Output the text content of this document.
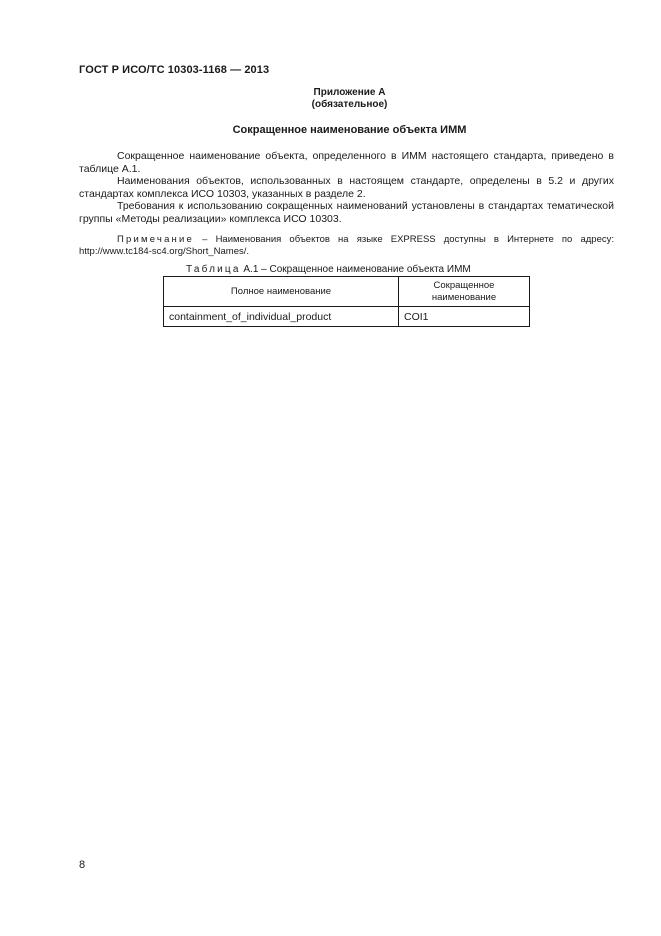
ГОСТ Р ИСО/ТС 10303-1168 — 2013
Приложение А
(обязательное)
Сокращенное наименование объекта ИММ

Сокращенное наименование объекта, определенного в ИММ настоящего стандарта, приведено в таблице А.1.

Наименования объектов, использованных в настоящем стандарте, определены в 5.2 и других стандартах комплекса ИСО 10303, указанных в разделе 2.

Требования к использованию сокращенных наименований установлены в стандартах тематической группы «Методы реализации» комплекса ИСО 10303.

Примечание – Наименования объектов на языке EXPRESS доступны в Интернете по адресу: http://www.tc184-sc4.org/Short_Names/.
Таблица А.1 – Сокращенное наименование объекта ИММ
Полное наименование	Сокращенное наименование
containment_of_individual_product	COI1
8
